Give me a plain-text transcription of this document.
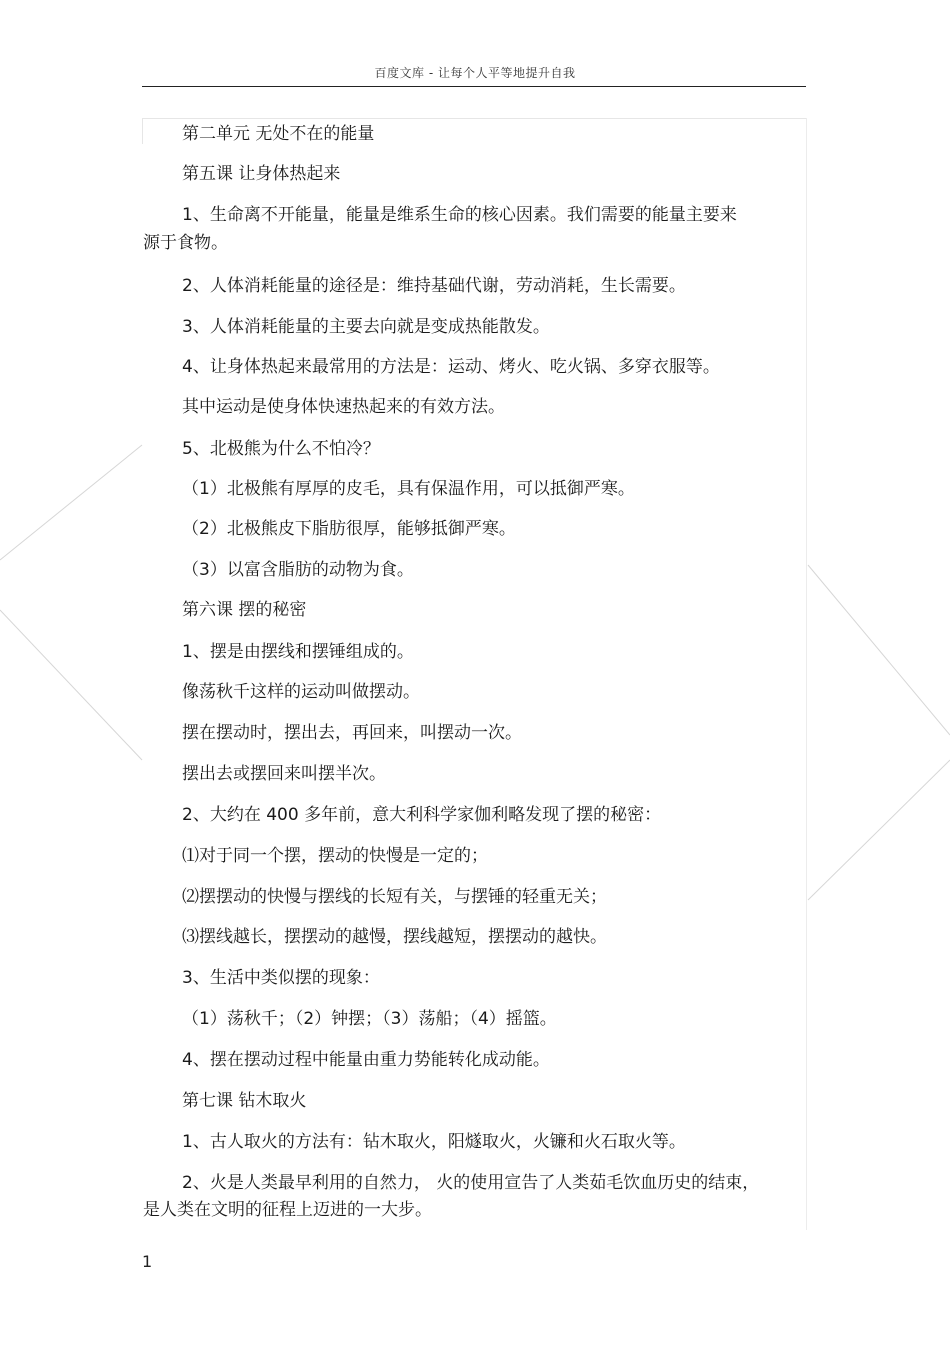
百度文库 - 让每个人平等地提升自我
第二单元 无处不在的能量
第五课 让身体热起来
1、生命离不开能量，能量是维系生命的核心因素。我们需要的能量主要来
源于食物。
2、人体消耗能量的途径是：维持基础代谢，劳动消耗，生长需要。
3、人体消耗能量的主要去向就是变成热能散发。
4、让身体热起来最常用的方法是：运动、烤火、吃火锅、多穿衣服等。
其中运动是使身体快速热起来的有效方法。
5、北极熊为什么不怕冷？
（1）北极熊有厚厚的皮毛，具有保温作用，可以抵御严寒。
（2）北极熊皮下脂肪很厚，能够抵御严寒。
（3）以富含脂肪的动物为食。
第六课 摆的秘密
1、摆是由摆线和摆锤组成的。
像荡秋千这样的运动叫做摆动。
摆在摆动时，摆出去，再回来，叫摆动一次。
摆出去或摆回来叫摆半次。
2、大约在 400 多年前，意大利科学家伽利略发现了摆的秘密：
⑴对于同一个摆，摆动的快慢是一定的；
⑵摆摆动的快慢与摆线的长短有关，与摆锤的轻重无关；
⑶摆线越长，摆摆动的越慢，摆线越短，摆摆动的越快。
3、生活中类似摆的现象：
（1）荡秋千；（2）钟摆；（3）荡船；（4）摇篮。
4、摆在摆动过程中能量由重力势能转化成动能。
第七课 钻木取火
1、古人取火的方法有：钻木取火，阳燧取火，火镰和火石取火等。
2、火是人类最早利用的自然力， 火的使用宣告了人类茹毛饮血历史的结束，
是人类在文明的征程上迈进的一大步。
1
